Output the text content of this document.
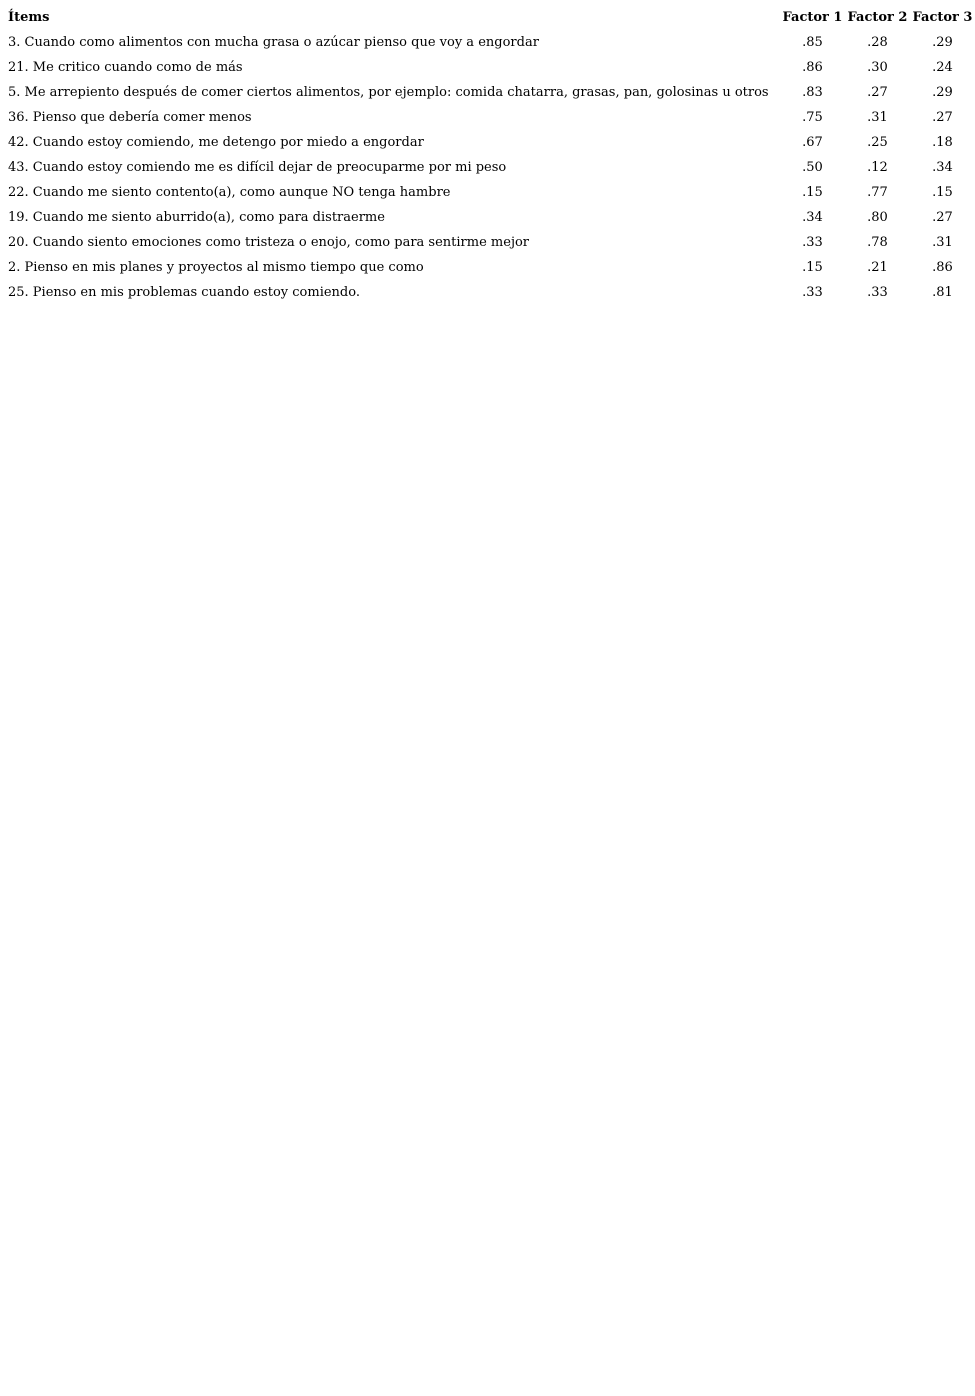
Ítems	Factor 1	Factor 2	Factor 3
3. Cuando como alimentos con mucha grasa o azúcar pienso que voy a engordar	.85	.28	.29
21. Me critico cuando como de más	.86	.30	.24
5. Me arrepiento después de comer ciertos alimentos, por ejemplo: comida chatarra, grasas, pan, golosinas u otros	.83	.27	.29
36. Pienso que debería comer menos	.75	.31	.27
42. Cuando estoy comiendo, me detengo por miedo a engordar	.67	.25	.18
43. Cuando estoy comiendo me es difícil dejar de preocuparme por mi peso	.50	.12	.34
22. Cuando me siento contento(a), como aunque NO tenga hambre	.15	.77	.15
19. Cuando me siento aburrido(a), como para distraerme	.34	.80	.27
20. Cuando siento emociones como tristeza o enojo, como para sentirme mejor	.33	.78	.31
2. Pienso en mis planes y proyectos al mismo tiempo que como	.15	.21	.86
25. Pienso en mis problemas cuando estoy comiendo.	.33	.33	.81
